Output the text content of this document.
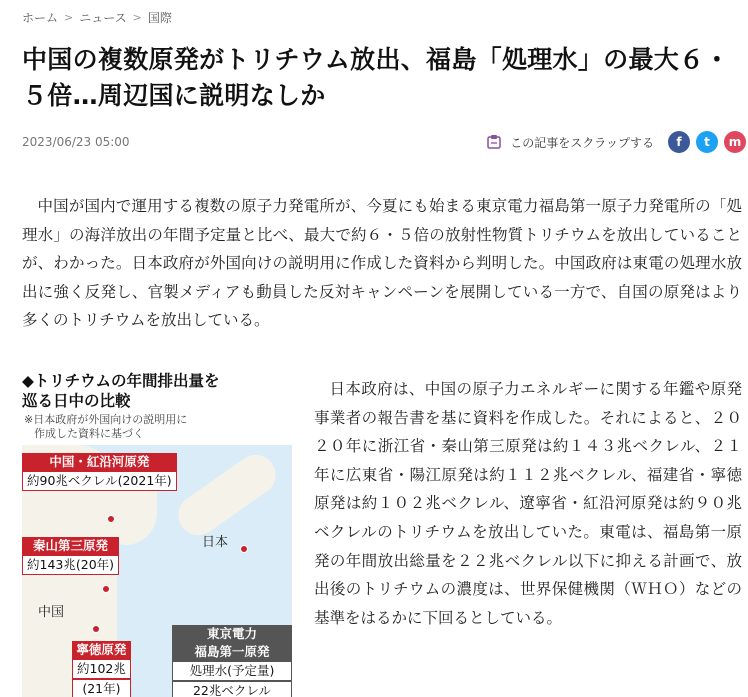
ホーム > ニュース > 国際
中国の複数原発がトリチウム放出、福島「処理水」の最大６・５倍…周辺国に説明なしか
2023/06/23 05:00	この記事をスクラップする f t m

中国が国内で運用する複数の原子力発電所が、今夏にも始まる東京電力福島第一原子力発電所の「処理水」の海洋放出の年間予定量と比べ、最大で約６・５倍の放射性物質トリチウムを放出していることが、わかった。日本政府が外国向けの説明用に作成した資料から判明した。中国政府は東電の処理水放出に強く反発し、官製メディアも動員した反対キャンペーンを展開している一方で、自国の原発はより多くのトリチウムを放出している。

◆トリチウムの年間排出量を
巡る日中の比較
※日本政府が外国向けの説明用に
作成した資料に基づく
中国・紅沿河原発
約90兆ベクレル(2021年)
秦山第三原発
約143兆(20年)
中国
日本
寧徳原発
約102兆
(21年)
東京電力
福島第一原発
処理水(予定量)
22兆ベクレル

日本政府は、中国の原子力エネルギーに関する年鑑や原発事業者の報告書を基に資料を作成した。それによると、２０２０年に浙江省・秦山第三原発は約１４３兆ベクレル、２１年に広東省・陽江原発は約１１２兆ベクレル、福建省・寧徳原発は約１０２兆ベクレル、遼寧省・紅沿河原発は約９０兆ベクレルのトリチウムを放出していた。東電は、福島第一原発の年間放出総量を２２兆ベクレル以下に抑える計画で、放出後のトリチウムの濃度は、世界保健機関（ＷＨＯ）などの基準をはるかに下回るとしている。
